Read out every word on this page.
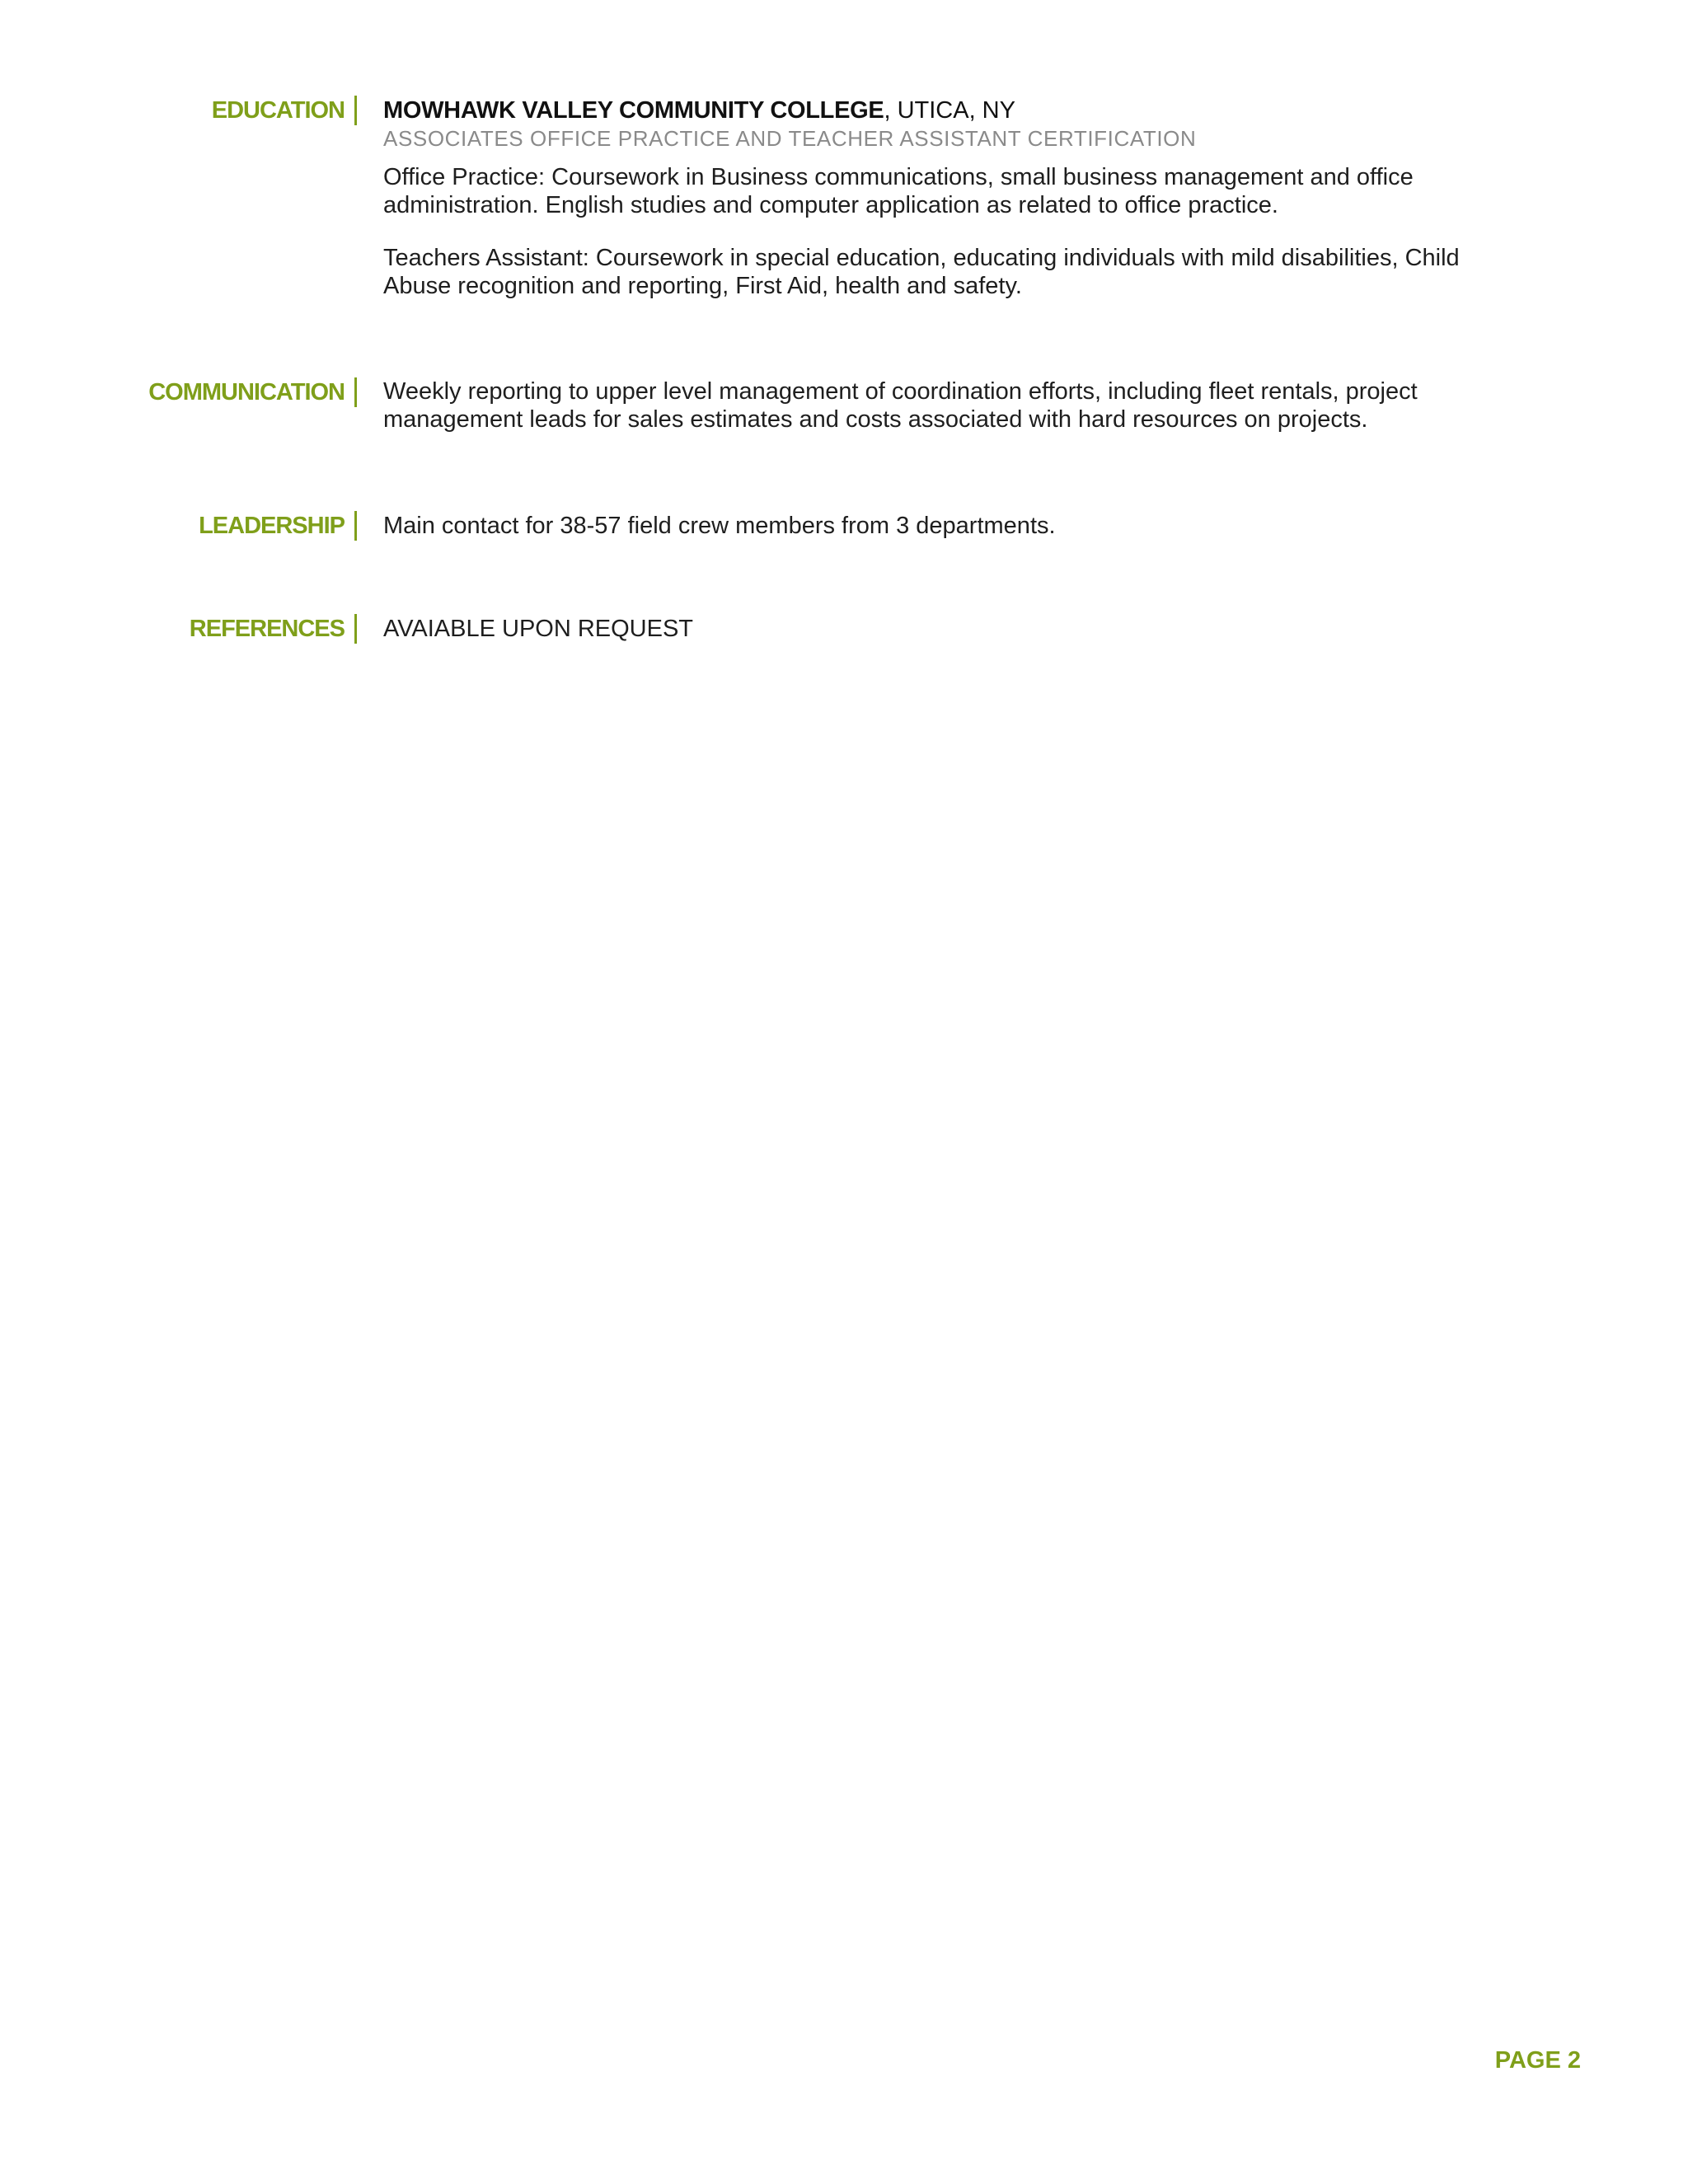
EDUCATION MOWHAWK VALLEY COMMUNITY COLLEGE, UTICA, NY
ASSOCIATES OFFICE PRACTICE AND TEACHER ASSISTANT CERTIFICATION

Office Practice: Coursework in Business communications, small business management and office administration. English studies and computer application as related to office practice.

Teachers Assistant: Coursework in special education, educating individuals with mild disabilities, Child Abuse recognition and reporting, First Aid, health and safety.

COMMUNICATION Weekly reporting to upper level management of coordination efforts, including fleet rentals, project management leads for sales estimates and costs associated with hard resources on projects.

LEADERSHIP Main contact for 38-57 field crew members from 3 departments.

REFERENCES AVAIABLE UPON REQUEST

PAGE 2
